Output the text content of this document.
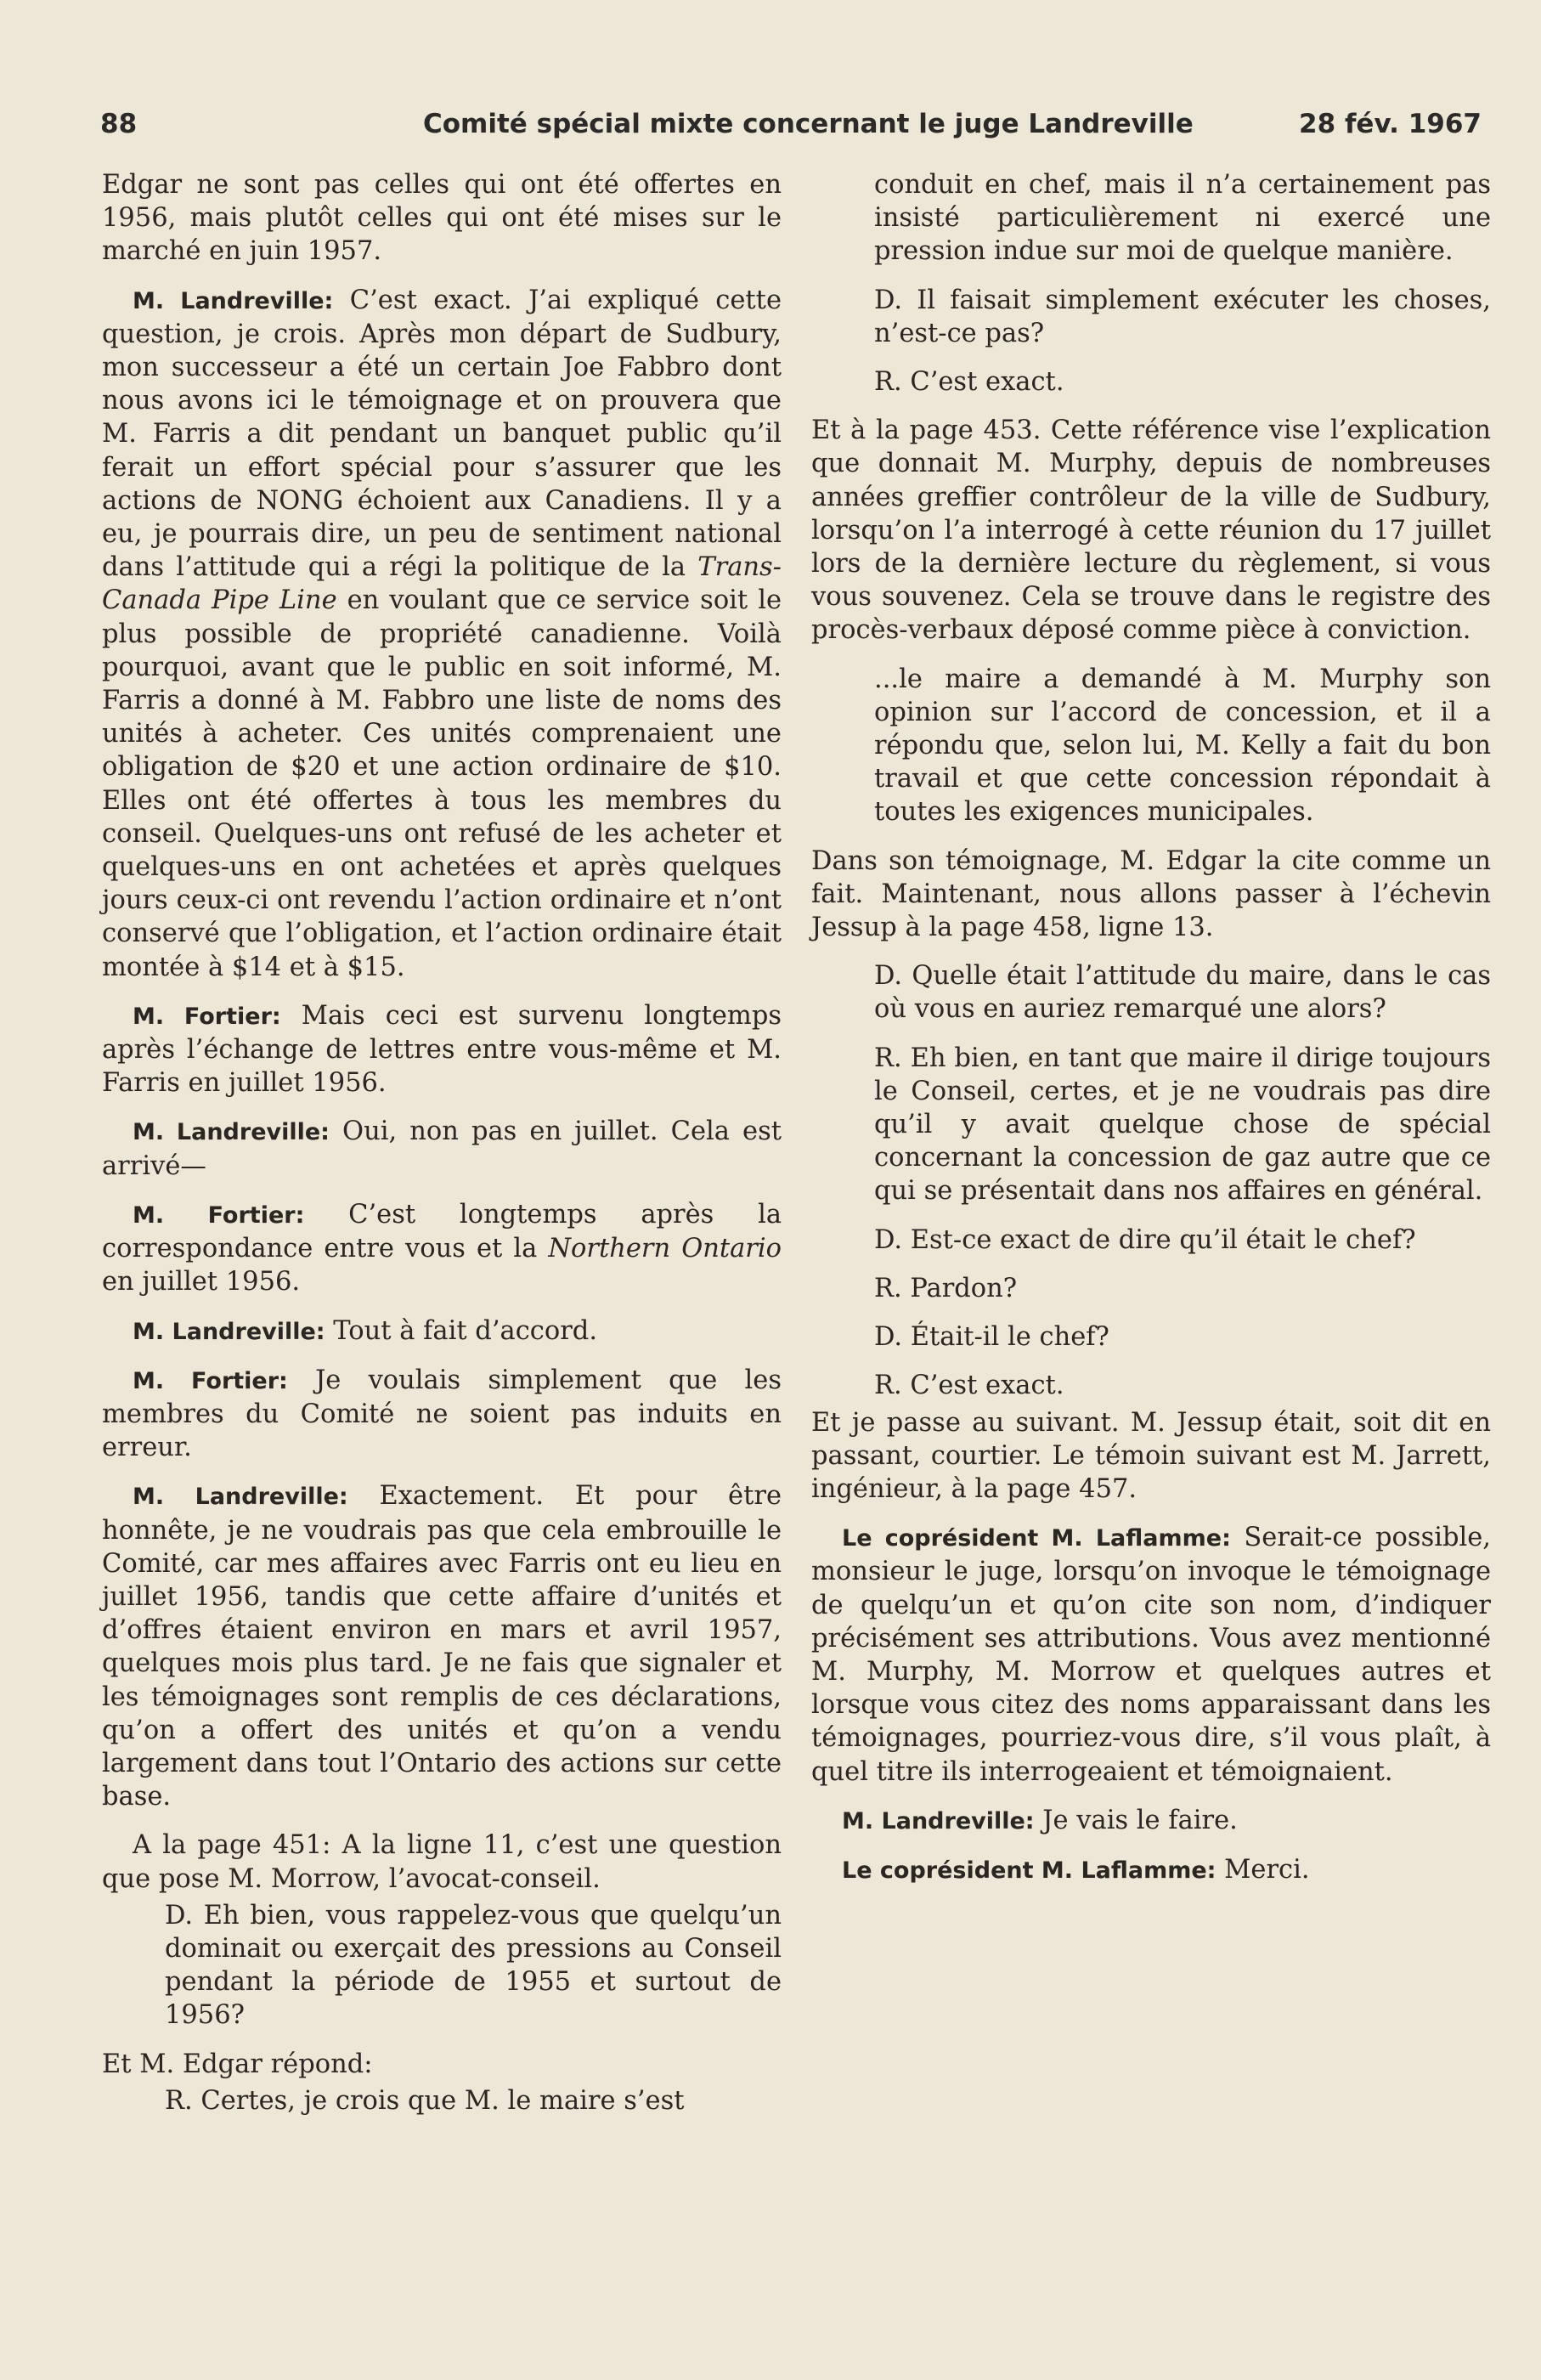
88	Comité spécial mixte concernant le juge Landreville	28 fév. 1967

Edgar ne sont pas celles qui ont été offertes en 1956, mais plutôt celles qui ont été mises sur le marché en juin 1957.

M. Landreville: C’est exact. J’ai expliqué cette question, je crois. Après mon départ de Sudbury, mon successeur a été un certain Joe Fabbro dont nous avons ici le témoignage et on prouvera que M. Farris a dit pendant un banquet public qu’il ferait un effort spécial pour s’assurer que les actions de NONG échoient aux Canadiens. Il y a eu, je pourrais dire, un peu de sentiment national dans l’attitude qui a régi la politique de la Trans-Canada Pipe Line en voulant que ce service soit le plus possible de propriété canadienne. Voilà pourquoi, avant que le public en soit informé, M. Farris a donné à M. Fabbro une liste de noms des unités à acheter. Ces unités comprenaient une obligation de $20 et une action ordinaire de $10. Elles ont été offertes à tous les membres du conseil. Quelques-uns ont refusé de les acheter et quelques-uns en ont achetées et après quelques jours ceux-ci ont revendu l’action ordinaire et n’ont conservé que l’obligation, et l’action ordinaire était montée à $14 et à $15.

M. Fortier: Mais ceci est survenu longtemps après l’échange de lettres entre vous-même et M. Farris en juillet 1956.

M. Landreville: Oui, non pas en juillet. Cela est arrivé—

M. Fortier: C’est longtemps après la correspondance entre vous et la Northern Ontario en juillet 1956.

M. Landreville: Tout à fait d’accord.

M. Fortier: Je voulais simplement que les membres du Comité ne soient pas induits en erreur.

M. Landreville: Exactement. Et pour être honnête, je ne voudrais pas que cela embrouille le Comité, car mes affaires avec Farris ont eu lieu en juillet 1956, tandis que cette affaire d’unités et d’offres étaient environ en mars et avril 1957, quelques mois plus tard. Je ne fais que signaler et les témoignages sont remplis de ces déclarations, qu’on a offert des unités et qu’on a vendu largement dans tout l’Ontario des actions sur cette base.

A la page 451: A la ligne 11, c’est une question que pose M. Morrow, l’avocat-conseil.

D. Eh bien, vous rappelez-vous que quelqu’un dominait ou exerçait des pressions au Conseil pendant la période de 1955 et surtout de 1956?

Et M. Edgar répond:

R. Certes, je crois que M. le maire s’est

conduit en chef, mais il n’a certainement pas insisté particulièrement ni exercé une pression indue sur moi de quelque manière.

D. Il faisait simplement exécuter les choses, n’est-ce pas?

R. C’est exact.

Et à la page 453. Cette référence vise l’explication que donnait M. Murphy, depuis de nombreuses années greffier contrôleur de la ville de Sudbury, lorsqu’on l’a interrogé à cette réunion du 17 juillet lors de la dernière lecture du règlement, si vous vous souvenez. Cela se trouve dans le registre des procès-verbaux déposé comme pièce à conviction.

...le maire a demandé à M. Murphy son opinion sur l’accord de concession, et il a répondu que, selon lui, M. Kelly a fait du bon travail et que cette concession répondait à toutes les exigences municipales.

Dans son témoignage, M. Edgar la cite comme un fait. Maintenant, nous allons passer à l’échevin Jessup à la page 458, ligne 13.

D. Quelle était l’attitude du maire, dans le cas où vous en auriez remarqué une alors?

R. Eh bien, en tant que maire il dirige toujours le Conseil, certes, et je ne voudrais pas dire qu’il y avait quelque chose de spécial concernant la concession de gaz autre que ce qui se présentait dans nos affaires en général.

D. Est-ce exact de dire qu’il était le chef?

R. Pardon?

D. Était-il le chef?

R. C’est exact.

Et je passe au suivant. M. Jessup était, soit dit en passant, courtier. Le témoin suivant est M. Jarrett, ingénieur, à la page 457.

Le coprésident M. Laflamme: Serait-ce possible, monsieur le juge, lorsqu’on invoque le témoignage de quelqu’un et qu’on cite son nom, d’indiquer précisément ses attributions. Vous avez mentionné M. Murphy, M. Morrow et quelques autres et lorsque vous citez des noms apparaissant dans les témoignages, pourriez-vous dire, s’il vous plaît, à quel titre ils interrogeaient et témoignaient.

M. Landreville: Je vais le faire.

Le coprésident M. Laflamme: Merci.
